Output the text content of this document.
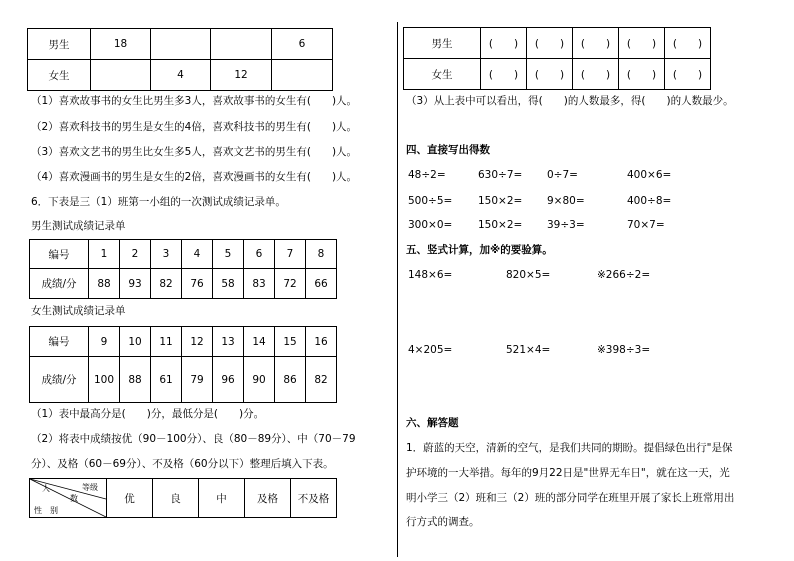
男生	18			6
女生		4	12	
（1）喜欢故事书的女生比男生多3人，喜欢故事书的女生有(　　)人。
（2）喜欢科技书的男生是女生的4倍，喜欢科技书的男生有(　　)人。
（3）喜欢文艺书的男生比女生多5人，喜欢文艺书的男生有(　　)人。
（4）喜欢漫画书的男生是女生的2倍，喜欢漫画书的女生有(　　)人。
6．下表是三（1）班第一小组的一次测试成绩记录单。
男生测试成绩记录单
编号	1	2	3	4	5	6	7	8
成绩/分	88	93	82	76	58	83	72	66
女生测试成绩记录单
编号	9	10	11	12	13	14	15	16
成绩/分	100	88	61	79	96	90	86	82
（1）表中最高分是(　　)分，最低分是(　　)分。
（2）将表中成绩按优（90－100分）、良（80－89分）、中（70－79
分）、及格（60－69分）、不及格（60分以下）整理后填入下表。
等级
人
数
性　别
	优	良	中	及格	不及格
男生	(　　)	(　　)	(　　)	(　　)	(　　)
女生	(　　)	(　　)	(　　)	(　　)	(　　)
（3）从上表中可以看出，得(　　)的人数最多，得(　　)的人数最少。
四、直接写出得数
48÷2=	630÷7= 0÷7=	400×6=
500÷5= 150×2= 9×80=	400÷8=
300×0= 150×2= 39÷3=	70×7=
五、竖式计算，加※的要验算。
148×6=	820×5=	※266÷2=
4×205=	521×4=	※398÷3=
六、解答题
1．蔚蓝的天空，清新的空气，是我们共同的期盼。提倡绿色出行"是保
护环境的一大举措。每年的9月22日是"世界无车日"，就在这一天，光
明小学三（2）班和三（2）班的部分同学在班里开展了家长上班常用出
行方式的调查。
